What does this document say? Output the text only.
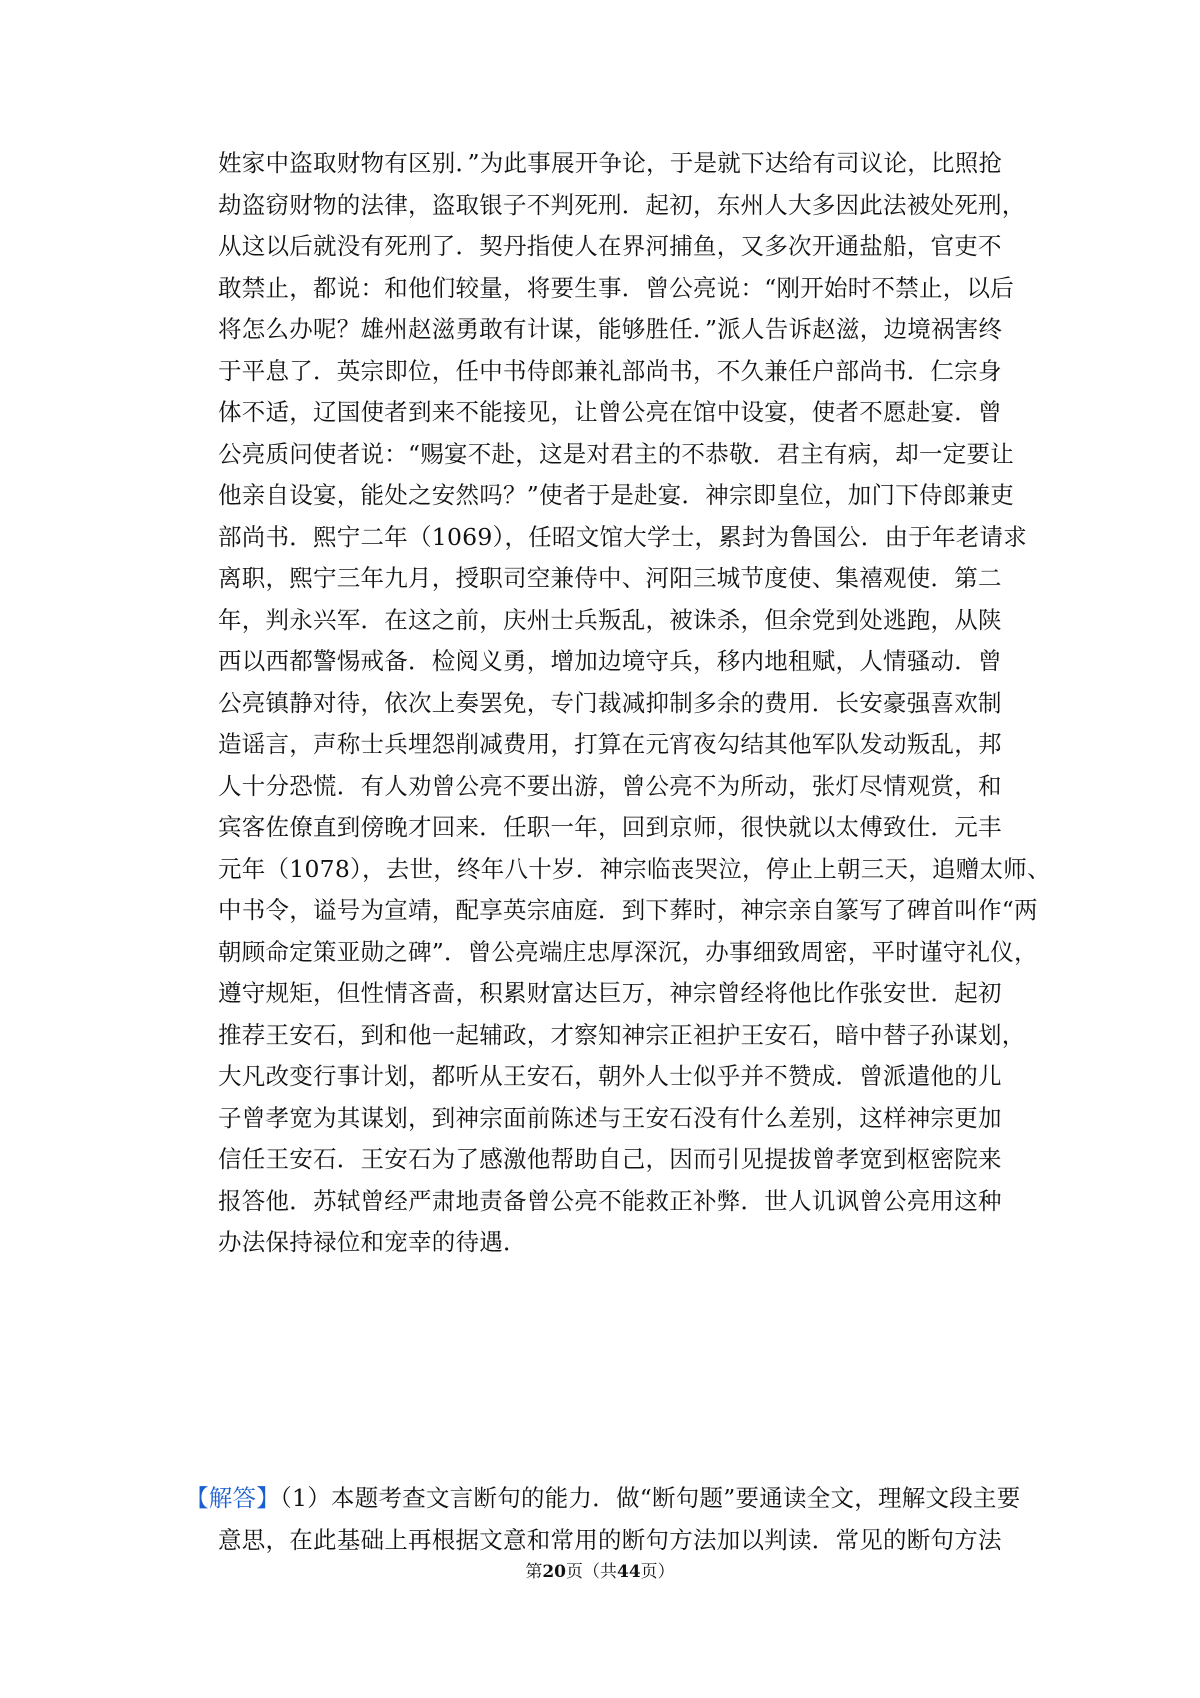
姓家中盗取财物有区别．”为此事展开争论，于是就下达给有司议论，比照抢
劫盗窃财物的法律，盗取银子不判死刑．起初，东州人大多因此法被处死刑，
从这以后就没有死刑了．契丹指使人在界河捕鱼，又多次开通盐船，官吏不
敢禁止，都说：和他们较量，将要生事．曾公亮说：“刚开始时不禁止，以后
将怎么办呢？雄州赵滋勇敢有计谋，能够胜任．”派人告诉赵滋，边境祸害终
于平息了．英宗即位，任中书侍郎兼礼部尚书，不久兼任户部尚书．仁宗身
体不适，辽国使者到来不能接见，让曾公亮在馆中设宴，使者不愿赴宴．曾
公亮质问使者说：“赐宴不赴，这是对君主的不恭敬．君主有病，却一定要让
他亲自设宴，能处之安然吗？”使者于是赴宴．神宗即皇位，加门下侍郎兼吏
部尚书．熙宁二年（1069），任昭文馆大学士，累封为鲁国公．由于年老请求
离职，熙宁三年九月，授职司空兼侍中、河阳三城节度使、集禧观使．第二
年，判永兴军．在这之前，庆州士兵叛乱，被诛杀，但余党到处逃跑，从陕
西以西都警惕戒备．检阅义勇，增加边境守兵，移内地租赋，人情骚动．曾
公亮镇静对待，依次上奏罢免，专门裁减抑制多余的费用．长安豪强喜欢制
造谣言，声称士兵埋怨削减费用，打算在元宵夜勾结其他军队发动叛乱，邦
人十分恐慌．有人劝曾公亮不要出游，曾公亮不为所动，张灯尽情观赏，和
宾客佐僚直到傍晚才回来．任职一年，回到京师，很快就以太傅致仕．元丰
元年（1078），去世，终年八十岁．神宗临丧哭泣，停止上朝三天，追赠太师、
中书令，谥号为宣靖，配享英宗庙庭．到下葬时，神宗亲自篆写了碑首叫作“两
朝顾命定策亚勋之碑”．曾公亮端庄忠厚深沉，办事细致周密，平时谨守礼仪，
遵守规矩，但性情吝啬，积累财富达巨万，神宗曾经将他比作张安世．起初
推荐王安石，到和他一起辅政，才察知神宗正袒护王安石，暗中替子孙谋划，
大凡改变行事计划，都听从王安石，朝外人士似乎并不赞成．曾派遣他的儿
子曾孝宽为其谋划，到神宗面前陈述与王安石没有什么差别，这样神宗更加
信任王安石．王安石为了感激他帮助自己，因而引见提拔曾孝宽到枢密院来
报答他．苏轼曾经严肃地责备曾公亮不能救正补弊．世人讥讽曾公亮用这种
办法保持禄位和宠幸的待遇．
【解答】（1）本题考查文言断句的能力．做“断句题”要通读全文，理解文段主要
意思，在此基础上再根据文意和常用的断句方法加以判读．常见的断句方法
第20页（共44页）
